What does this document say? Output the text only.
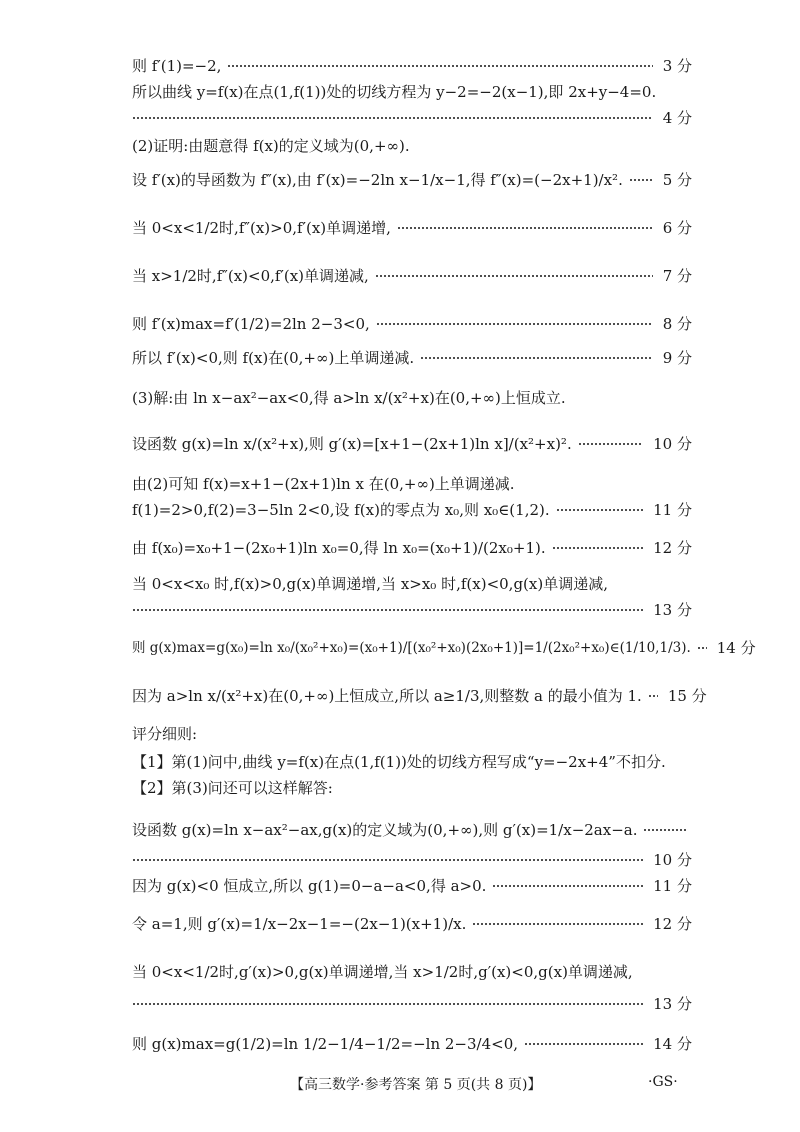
则 f′(1)=−2,	3 分
所以曲线 y=f(x)在点(1,f(1))处的切线方程为 y−2=−2(x−1),即 2x+y−4=0.
4 分
(2)证明:由题意得 f(x)的定义域为(0,+∞).
设 f′(x)的导函数为 f″(x),由 f′(x)=−2ln x−1/x−1,得 f″(x)=(−2x+1)/x².	5 分
当 0<x<1/2时,f″(x)>0,f′(x)单调递增,	6 分
当 x>1/2时,f″(x)<0,f′(x)单调递减,	7 分
则 f′(x)max=f′(1/2)=2ln 2−3<0,	8 分
所以 f′(x)<0,则 f(x)在(0,+∞)上单调递减.	9 分
(3)解:由 ln x−ax²−ax<0,得 a>ln x/(x²+x)在(0,+∞)上恒成立.
设函数 g(x)=ln x/(x²+x),则 g′(x)=[x+1−(2x+1)ln x]/(x²+x)².	10 分
由(2)可知 f(x)=x+1−(2x+1)ln x 在(0,+∞)上单调递减.
f(1)=2>0,f(2)=3−5ln 2<0,设 f(x)的零点为 x₀,则 x₀∈(1,2).	11 分
由 f(x₀)=x₀+1−(2x₀+1)ln x₀=0,得 ln x₀=(x₀+1)/(2x₀+1).	12 分
当 0<x<x₀ 时,f(x)>0,g(x)单调递增,当 x>x₀ 时,f(x)<0,g(x)单调递减,
13 分
则 g(x)max=g(x₀)=ln x₀/(x₀²+x₀)=(x₀+1)/[(x₀²+x₀)(2x₀+1)]=1/(2x₀²+x₀)∈(1/10,1/3). 14 分
因为 a>ln x/(x²+x)在(0,+∞)上恒成立,所以 a≥1/3,则整数 a 的最小值为 1. 15 分
评分细则:
【1】第(1)问中,曲线 y=f(x)在点(1,f(1))处的切线方程写成“y=−2x+4”不扣分.
【2】第(3)问还可以这样解答:
设函数 g(x)=ln x−ax²−ax,g(x)的定义域为(0,+∞),则 g′(x)=1/x−2ax−a.
10 分
因为 g(x)<0 恒成立,所以 g(1)=0−a−a<0,得 a>0.	11 分
令 a=1,则 g′(x)=1/x−2x−1=−(2x−1)(x+1)/x.	12 分
当 0<x<1/2时,g′(x)>0,g(x)单调递增,当 x>1/2时,g′(x)<0,g(x)单调递减,
13 分
则 g(x)max=g(1/2)=ln 1/2−1/4−1/2=−ln 2−3/4<0,	14 分
【高三数学·参考答案 第 5 页(共 8 页)】	·GS·
